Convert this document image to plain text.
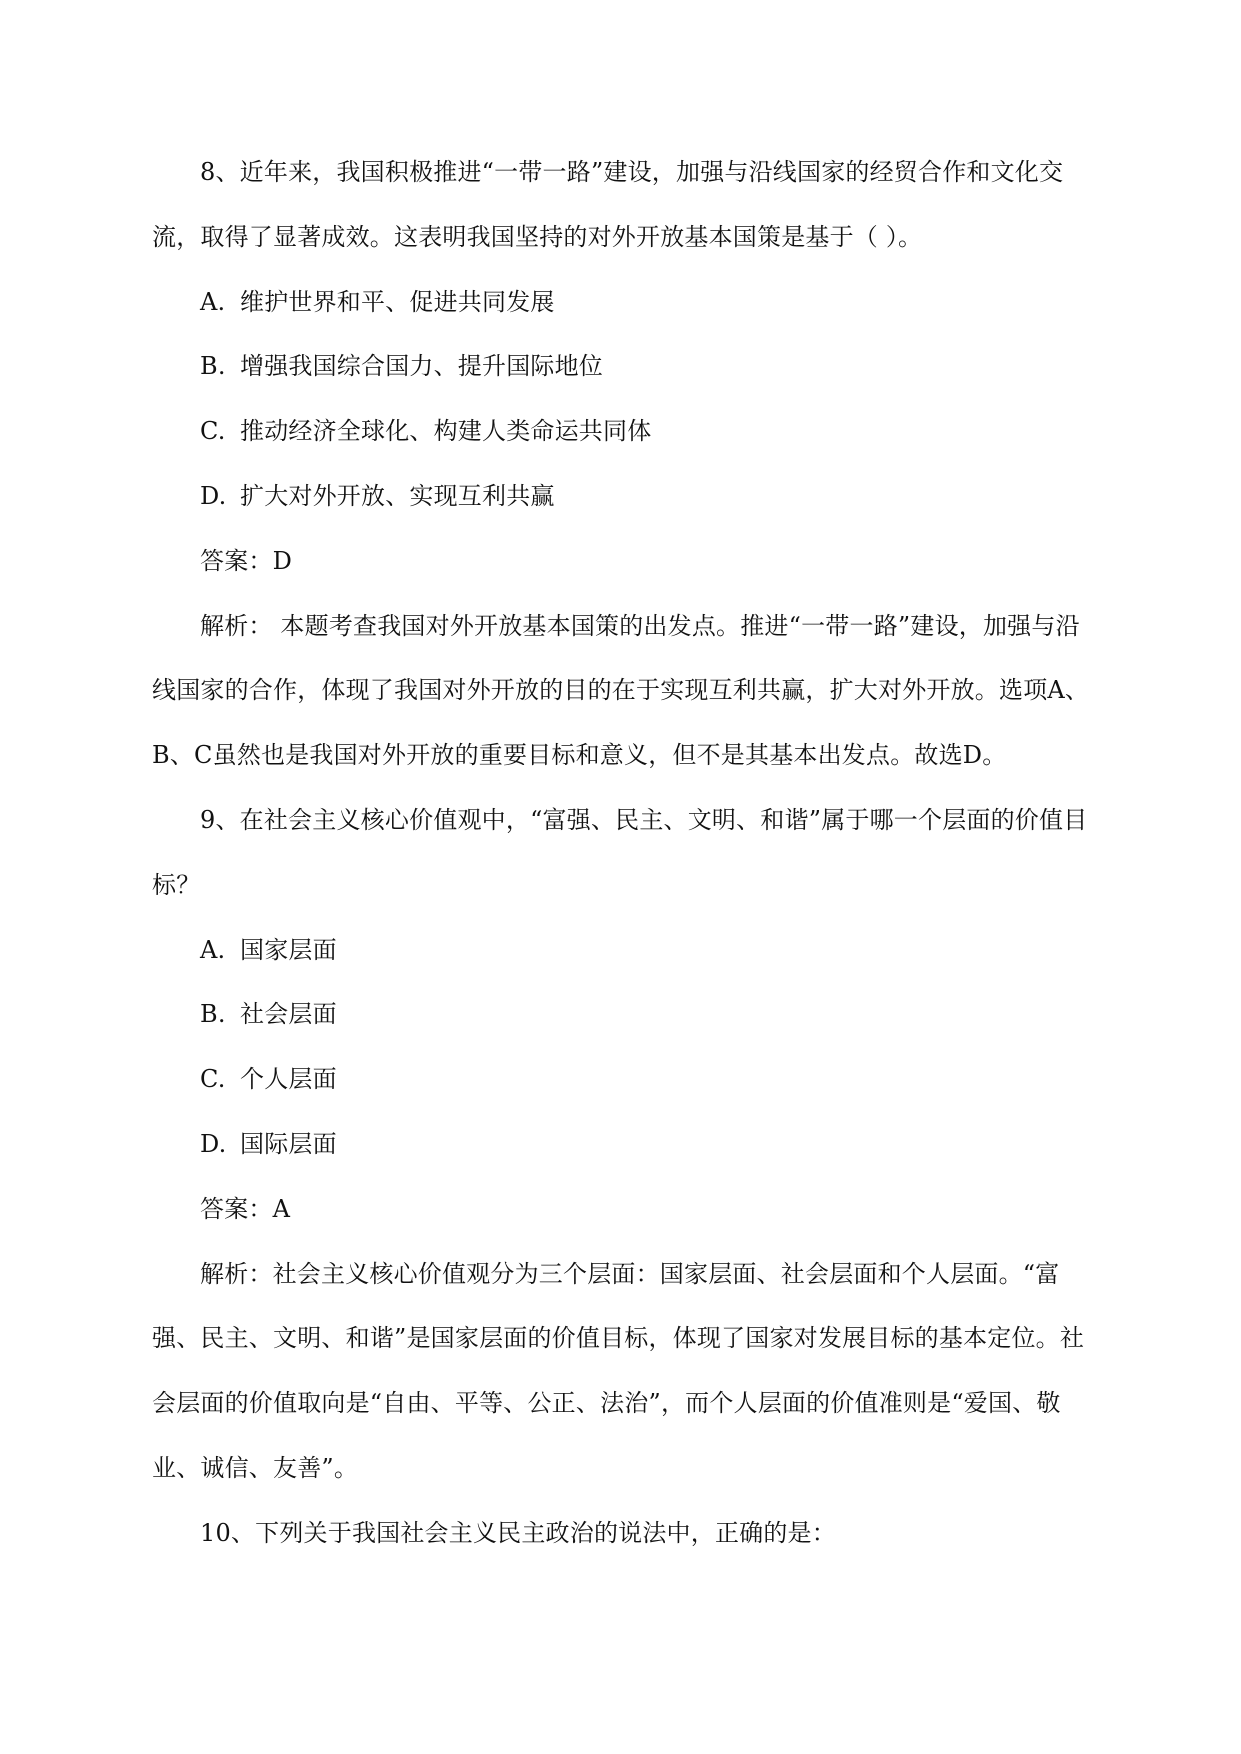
8、近年来，我国积极推进“一带一路”建设，加强与沿线国家的经贸合作和文化交流，取得了显著成效。这表明我国坚持的对外开放基本国策是基于（ ）。

A. 维护世界和平、促进共同发展

B. 增强我国综合国力、提升国际地位

C. 推动经济全球化、构建人类命运共同体

D. 扩大对外开放、实现互利共赢

答案：D

解析： 本题考查我国对外开放基本国策的出发点。推进“一带一路”建设，加强与沿线国家的合作，体现了我国对外开放的目的在于实现互利共赢，扩大对外开放。选项A、B、C虽然也是我国对外开放的重要目标和意义，但不是其基本出发点。故选D。

9、在社会主义核心价值观中，“富强、民主、文明、和谐”属于哪一个层面的价值目标？

A. 国家层面

B. 社会层面

C. 个人层面

D. 国际层面

答案：A

解析：社会主义核心价值观分为三个层面：国家层面、社会层面和个人层面。“富强、民主、文明、和谐”是国家层面的价值目标，体现了国家对发展目标的基本定位。社会层面的价值取向是“自由、平等、公正、法治”，而个人层面的价值准则是“爱国、敬业、诚信、友善”。

10、下列关于我国社会主义民主政治的说法中，正确的是：
